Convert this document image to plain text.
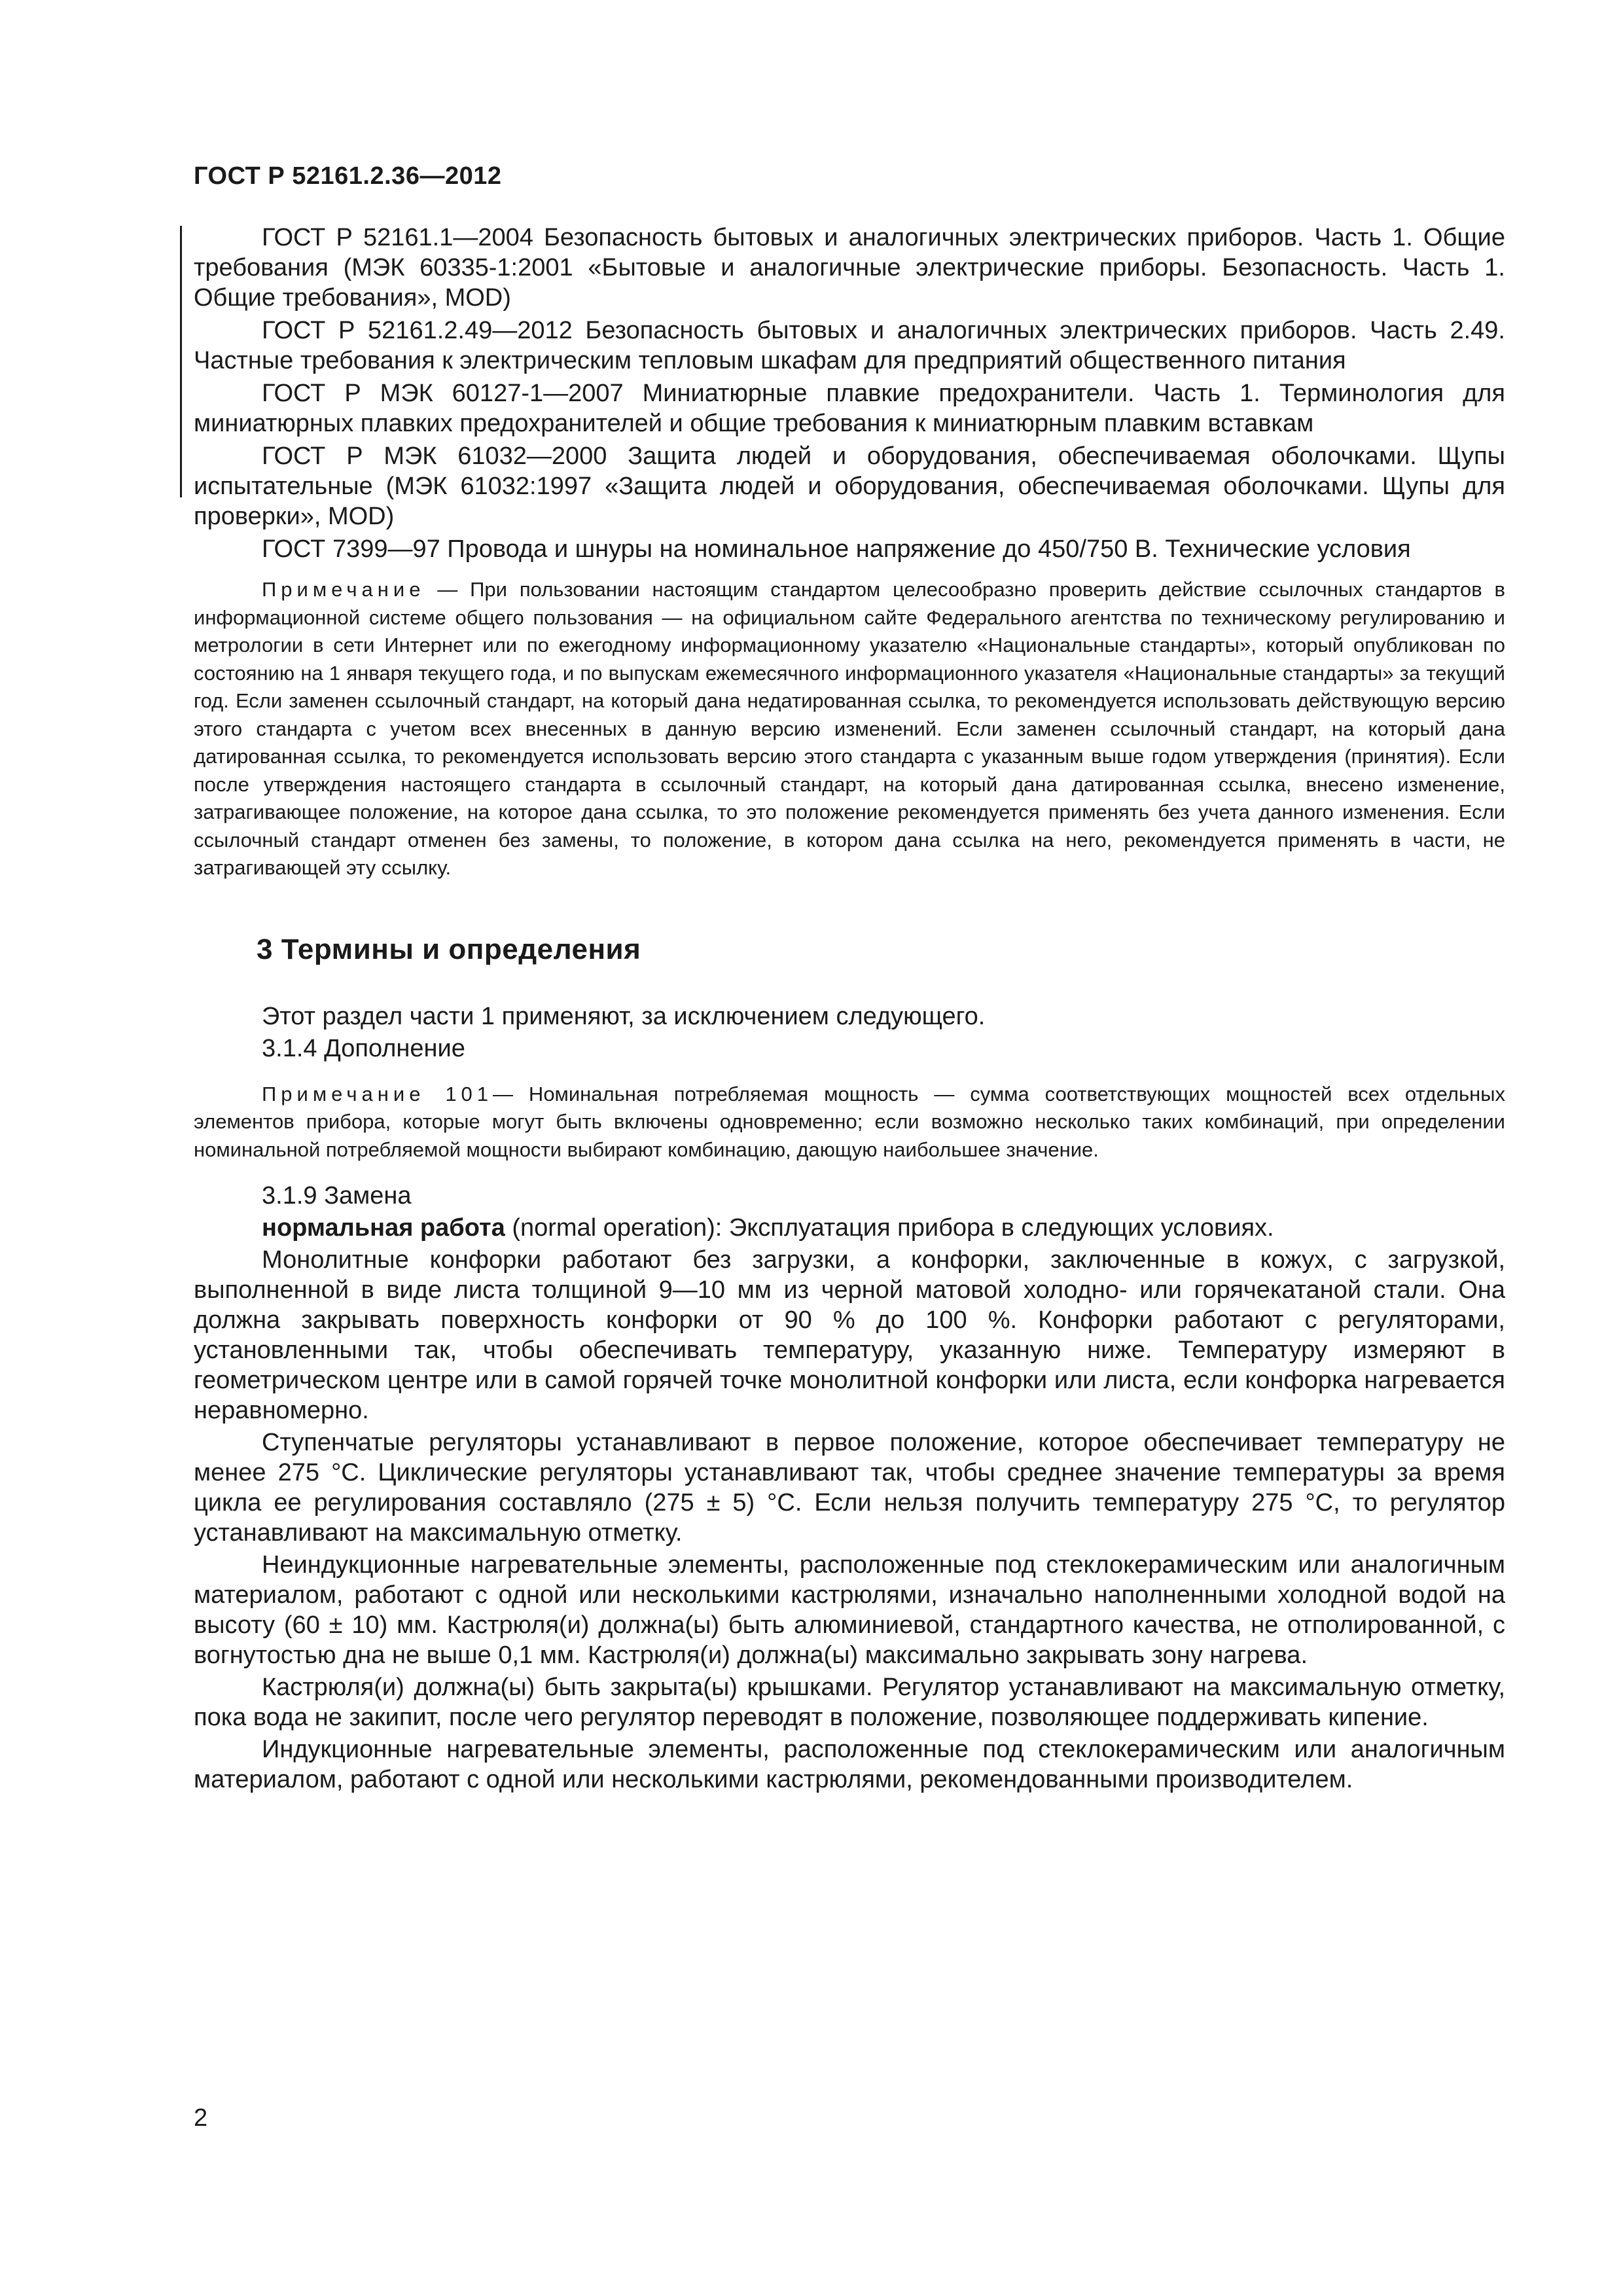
ГОСТ Р 52161.2.36—2012

ГОСТ Р 52161.1—2004 Безопасность бытовых и аналогичных электрических приборов. Часть 1. Общие требования (МЭК 60335-1:2001 «Бытовые и аналогичные электрические приборы. Безопасность. Часть 1. Общие требования», MOD)

ГОСТ Р 52161.2.49—2012 Безопасность бытовых и аналогичных электрических приборов. Часть 2.49. Частные требования к электрическим тепловым шкафам для предприятий общественного питания

ГОСТ Р МЭК 60127-1—2007 Миниатюрные плавкие предохранители. Часть 1. Терминология для миниатюрных плавких предохранителей и общие требования к миниатюрным плавким вставкам

ГОСТ Р МЭК 61032—2000 Защита людей и оборудования, обеспечиваемая оболочками. Щупы испытательные (МЭК 61032:1997 «Защита людей и оборудования, обеспечиваемая оболочками. Щупы для проверки», MOD)

ГОСТ 7399—97 Провода и шнуры на номинальное напряжение до 450/750 В. Технические условия

Примечание — При пользовании настоящим стандартом целесообразно проверить действие ссылочных стандартов в информационной системе общего пользования — на официальном сайте Федерального агентства по техническому регулированию и метрологии в сети Интернет или по ежегодному информационному указателю «Национальные стандарты», который опубликован по состоянию на 1 января текущего года, и по выпускам ежемесячного информационного указателя «Национальные стандарты» за текущий год. Если заменен ссылочный стандарт, на который дана недатированная ссылка, то рекомендуется использовать действующую версию этого стандарта с учетом всех внесенных в данную версию изменений. Если заменен ссылочный стандарт, на который дана датированная ссылка, то рекомендуется использовать версию этого стандарта с указанным выше годом утверждения (принятия). Если после утверждения настоящего стандарта в ссылочный стандарт, на который дана датированная ссылка, внесено изменение, затрагивающее положение, на которое дана ссылка, то это положение рекомендуется применять без учета данного изменения. Если ссылочный стандарт отменен без замены, то положение, в котором дана ссылка на него, рекомендуется применять в части, не затрагивающей эту ссылку.

3 Термины и определения

Этот раздел части 1 применяют, за исключением следующего.

3.1.4 Дополнение

Примечание 101— Номинальная потребляемая мощность — сумма соответствующих мощностей всех отдельных элементов прибора, которые могут быть включены одновременно; если возможно несколько таких комбинаций, при определении номинальной потребляемой мощности выбирают комбинацию, дающую наибольшее значение.

3.1.9 Замена

нормальная работа (normal operation): Эксплуатация прибора в следующих условиях.

Монолитные конфорки работают без загрузки, а конфорки, заключенные в кожух, с загрузкой, выполненной в виде листа толщиной 9—10 мм из черной матовой холодно- или горячекатаной стали. Она должна закрывать поверхность конфорки от 90 % до 100 %. Конфорки работают с регуляторами, установленными так, чтобы обеспечивать температуру, указанную ниже. Температуру измеряют в геометрическом центре или в самой горячей точке монолитной конфорки или листа, если конфорка нагревается неравномерно.

Ступенчатые регуляторы устанавливают в первое положение, которое обеспечивает температуру не менее 275 °С. Циклические регуляторы устанавливают так, чтобы среднее значение температуры за время цикла ее регулирования составляло (275 ± 5) °С. Если нельзя получить температуру 275 °С, то регулятор устанавливают на максимальную отметку.

Неиндукционные нагревательные элементы, расположенные под стеклокерамическим или аналогичным материалом, работают с одной или несколькими кастрюлями, изначально наполненными холодной водой на высоту (60 ± 10) мм. Кастрюля(и) должна(ы) быть алюминиевой, стандартного качества, не отполированной, с вогнутостью дна не выше 0,1 мм. Кастрюля(и) должна(ы) максимально закрывать зону нагрева.

Кастрюля(и) должна(ы) быть закрыта(ы) крышками. Регулятор устанавливают на максимальную отметку, пока вода не закипит, после чего регулятор переводят в положение, позволяющее поддерживать кипение.

Индукционные нагревательные элементы, расположенные под стеклокерамическим или аналогичным материалом, работают с одной или несколькими кастрюлями, рекомендованными производителем.

2
